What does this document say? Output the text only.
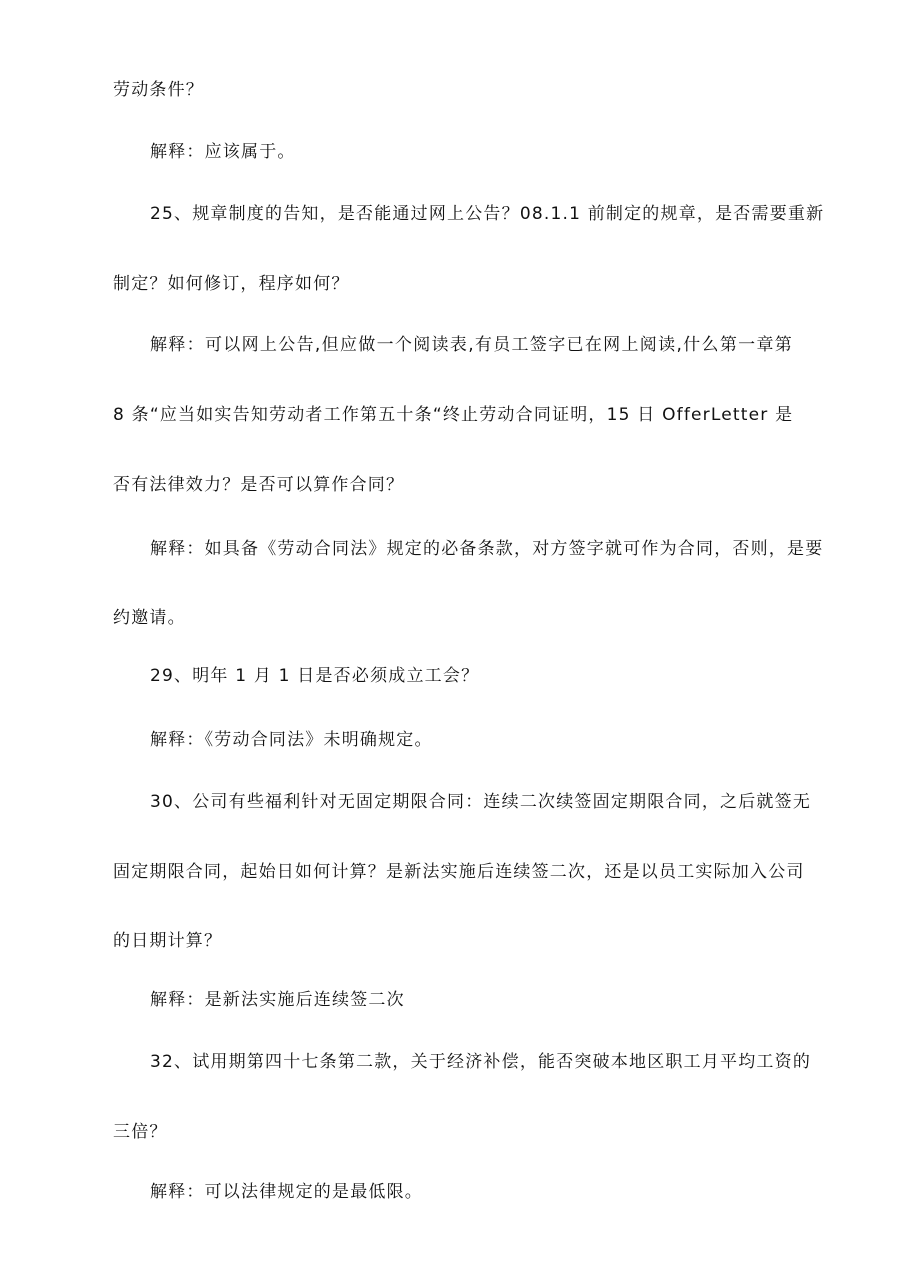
劳动条件？
解释：应该属于。
25、规章制度的告知，是否能通过网上公告？08.1.1 前制定的规章，是否需要重新
制定？如何修订，程序如何？
解释：可以网上公告,但应做一个阅读表,有员工签字已在网上阅读,什么第一章第
8 条“应当如实告知劳动者工作第五十条“终止劳动合同证明，15 日 OfferLetter 是
否有法律效力？是否可以算作合同？
解释：如具备《劳动合同法》规定的必备条款，对方签字就可作为合同，否则，是要
约邀请。
29、明年 1 月 1 日是否必须成立工会？
解释：《劳动合同法》未明确规定。
30、公司有些福利针对无固定期限合同：连续二次续签固定期限合同，之后就签无
固定期限合同，起始日如何计算？是新法实施后连续签二次，还是以员工实际加入公司
的日期计算？
解释：是新法实施后连续签二次
32、试用期第四十七条第二款，关于经济补偿，能否突破本地区职工月平均工资的
三倍？
解释：可以法律规定的是最低限。
